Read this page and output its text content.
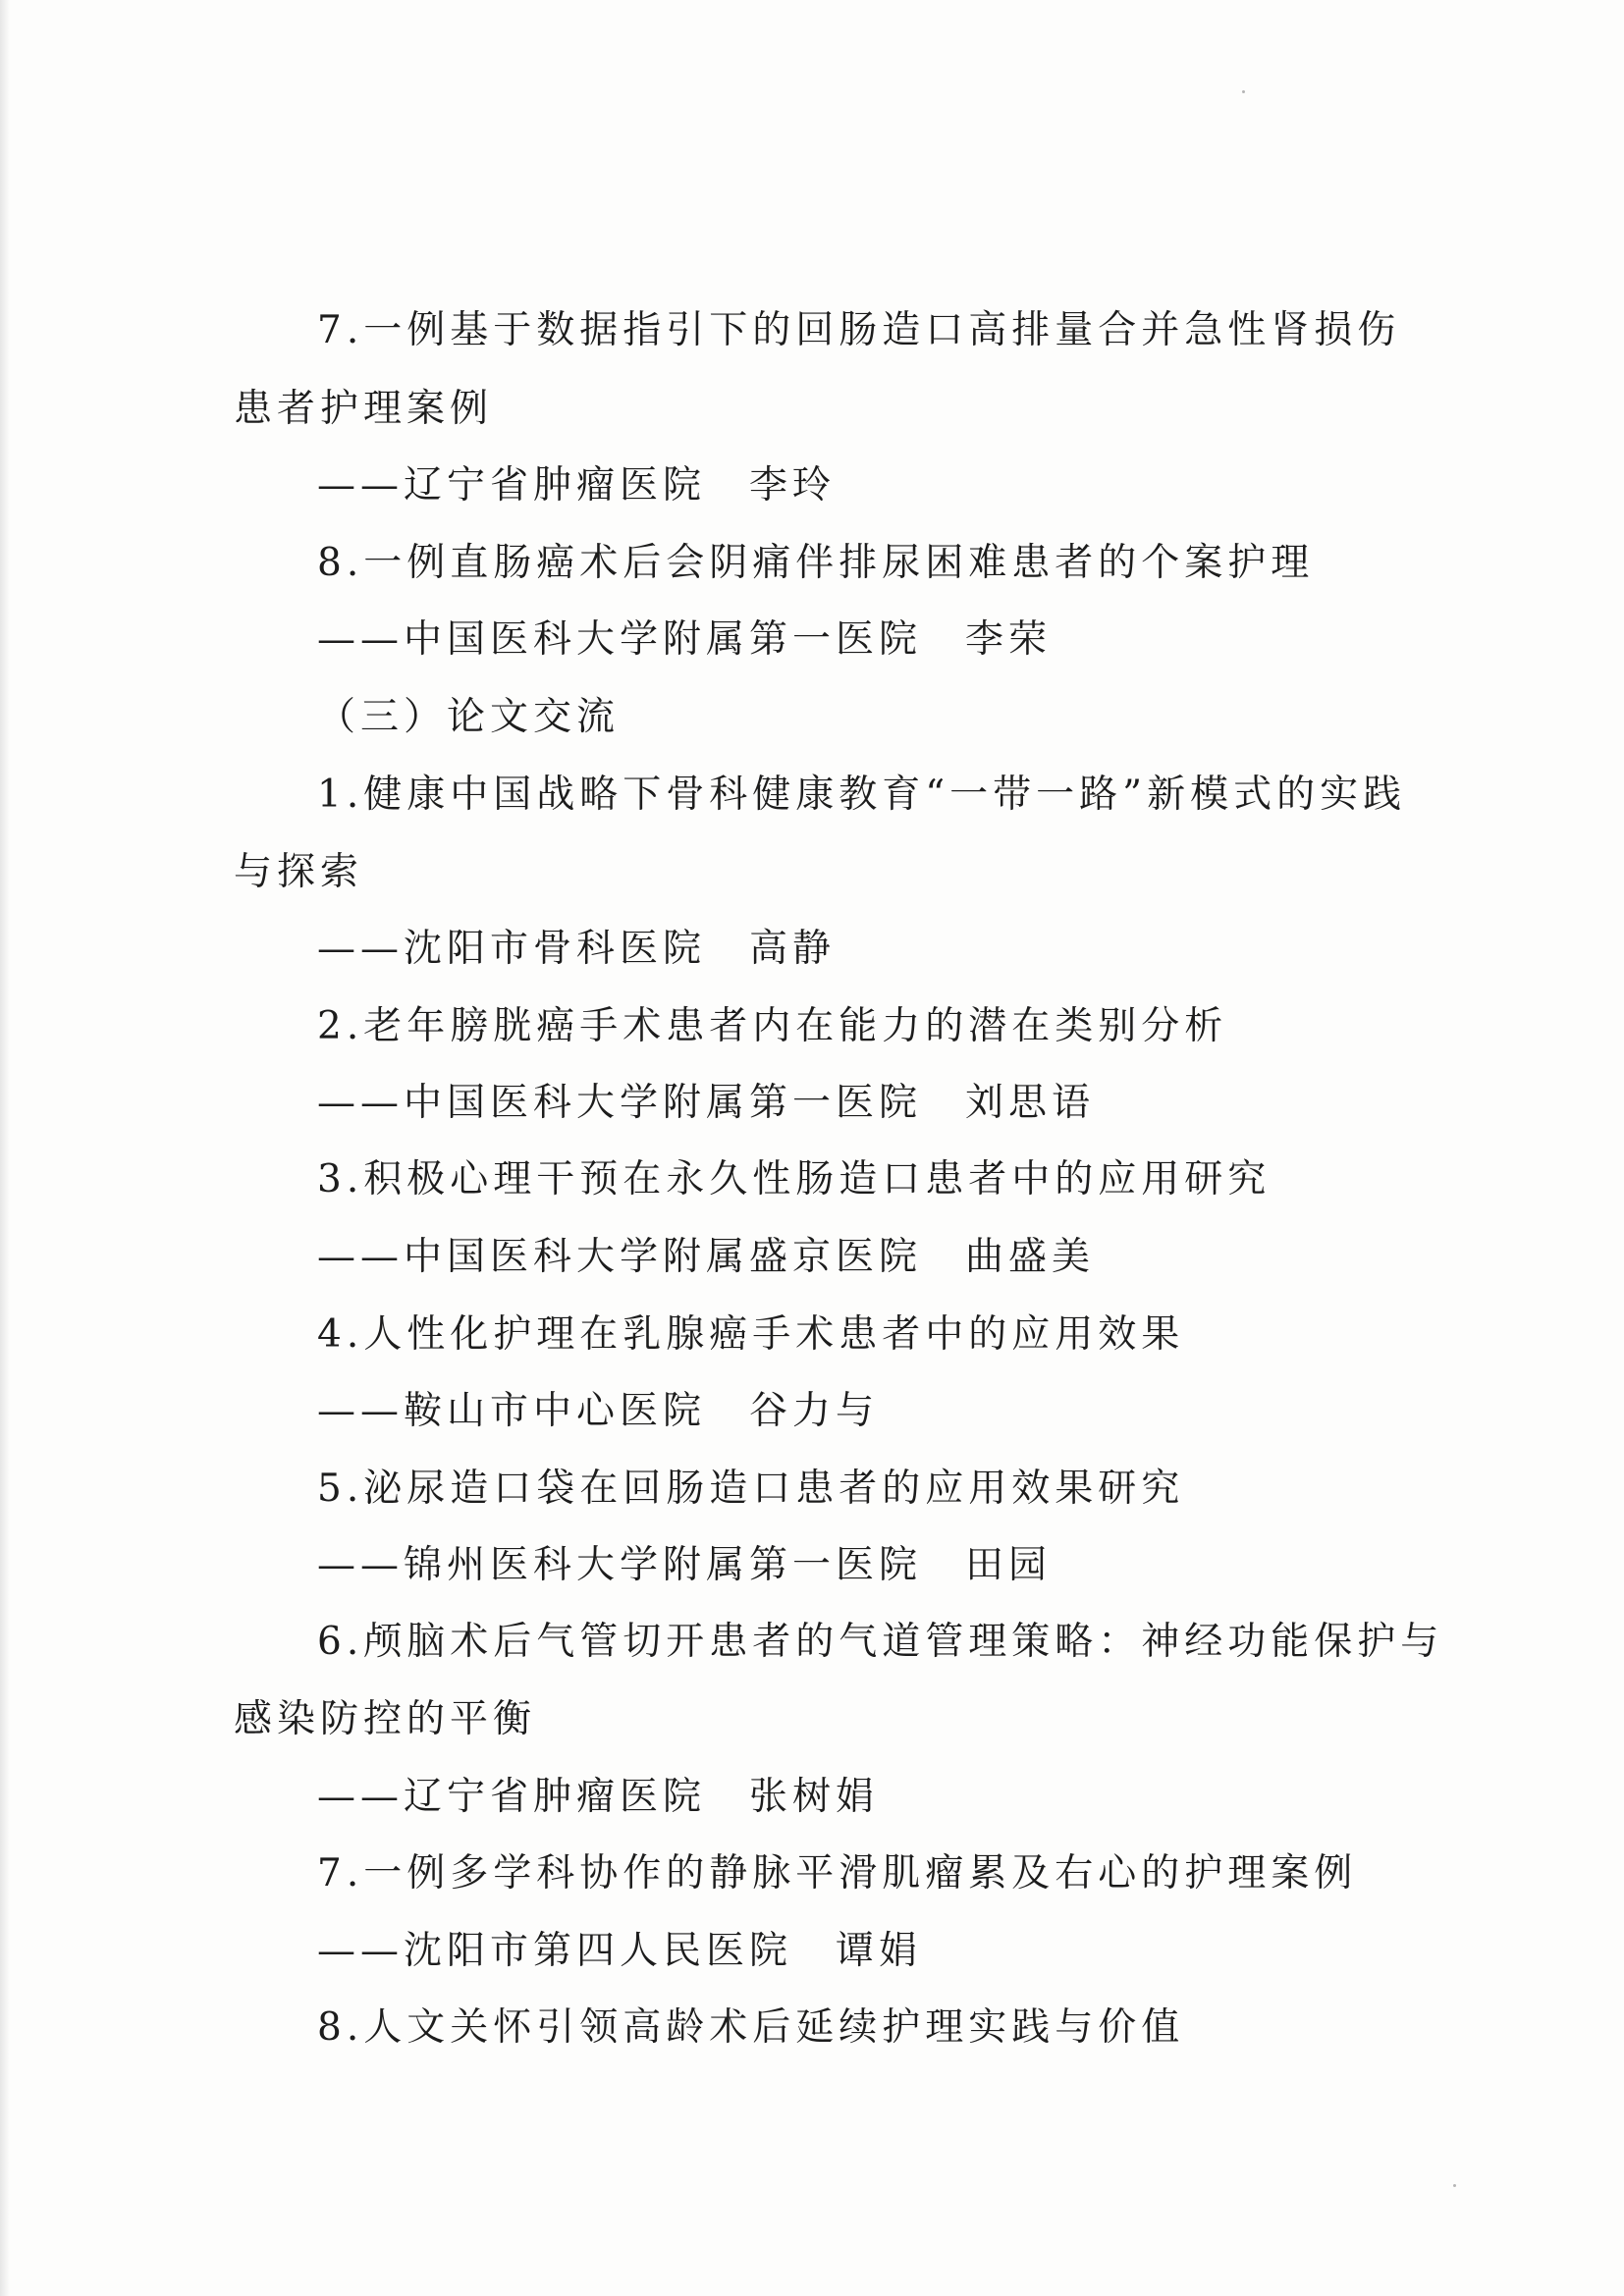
7.一例基于数据指引下的回肠造口高排量合并急性肾损伤
患者护理案例
——辽宁省肿瘤医院 李玲
8.一例直肠癌术后会阴痛伴排尿困难患者的个案护理
——中国医科大学附属第一医院 李荣
（三）论文交流
1.健康中国战略下骨科健康教育“一带一路”新模式的实践
与探索
——沈阳市骨科医院 高静
2.老年膀胱癌手术患者内在能力的潜在类别分析
——中国医科大学附属第一医院 刘思语
3.积极心理干预在永久性肠造口患者中的应用研究
——中国医科大学附属盛京医院 曲盛美
4.人性化护理在乳腺癌手术患者中的应用效果
——鞍山市中心医院 谷力与
5.泌尿造口袋在回肠造口患者的应用效果研究
——锦州医科大学附属第一医院 田园
6.颅脑术后气管切开患者的气道管理策略：神经功能保护与
感染防控的平衡
——辽宁省肿瘤医院 张树娟
7.一例多学科协作的静脉平滑肌瘤累及右心的护理案例
——沈阳市第四人民医院 谭娟
8.人文关怀引领高龄术后延续护理实践与价值
